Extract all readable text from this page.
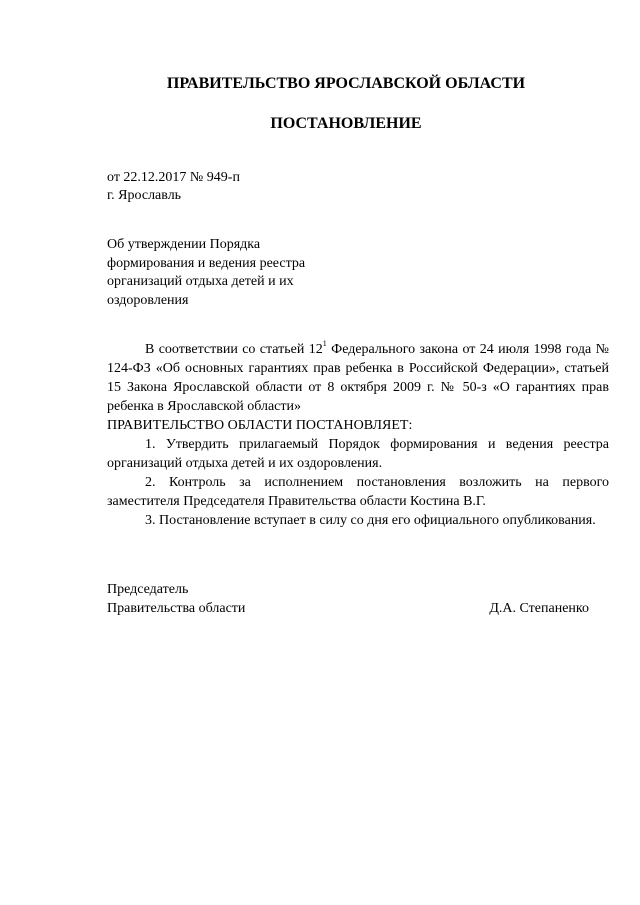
ПРАВИТЕЛЬСТВО ЯРОСЛАВСКОЙ ОБЛАСТИ
ПОСТАНОВЛЕНИЕ
от 22.12.2017 № 949-п
г. Ярославль
Об утверждении Порядка
формирования и ведения реестра
организаций отдыха детей и их
оздоровления

В соответствии со статьей $12^1$ Федерального закона от 24 июля 1998 года № 124-ФЗ «Об основных гарантиях прав ребенка в Российской Федерации», статьей 15 Закона Ярославской области от 8 октября 2009 г. № 50-з «О гарантиях прав ребенка в Ярославской области»

ПРАВИТЕЛЬСТВО ОБЛАСТИ ПОСТАНОВЛЯЕТ:

1. Утвердить прилагаемый Порядок формирования и ведения реестра организаций отдыха детей и их оздоровления.

2. Контроль за исполнением постановления возложить на первого заместителя Председателя Правительства области Костина В.Г.

3. Постановление вступает в силу со дня его официального опубликования.

Председатель
Правительства области	Д.А. Степаненко
